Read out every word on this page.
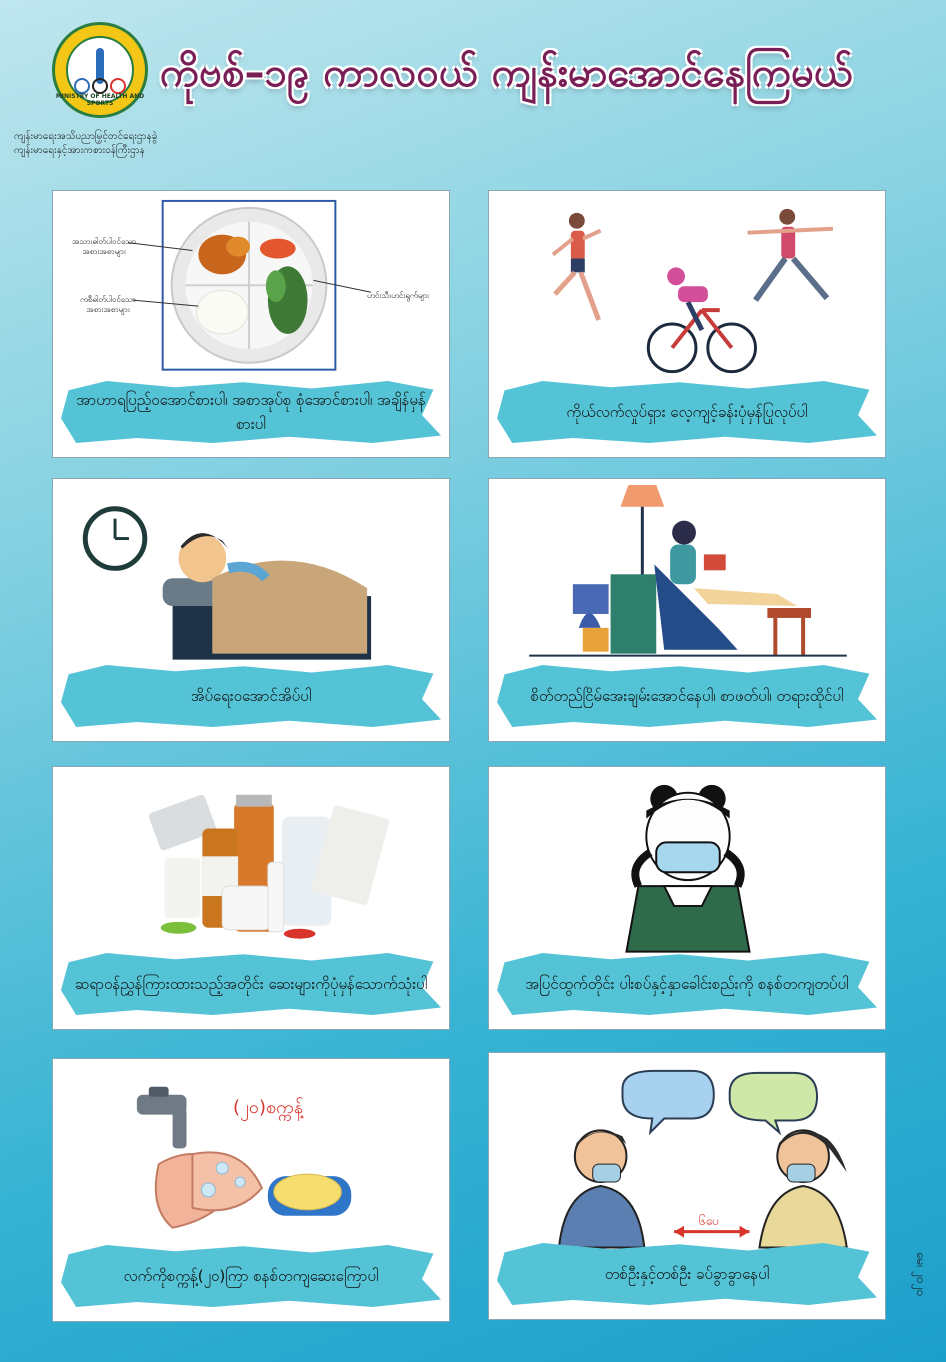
MINISTRY OF HEALTH AND SPORTS
ကိုဗစ်–၁၉ ကာလဝယ် ကျန်းမာအောင်နေကြမယ်
ကျန်းမာရေးအသိပညာမြှင့်တင်ရေးဌာနခွဲ
ကျန်းမာရေးနှင့်အားကစားဝန်ကြီးဌာန
အသားဓါတ်ပါဝင်သော အစားအစာများ
ကစီဓါတ်ပါဝင်သော အစားအစာများ
ဟင်းသီးဟင်းရွက်များ
အာဟာရပြည့်ဝအောင်စားပါ၊ အစာအုပ်စု စုံအောင်စားပါ၊ အချိန်မှန်စားပါ
ကိုယ်လက်လှုပ်ရှား လေ့ကျင့်ခန်းပုံမှန်ပြုလုပ်ပါ
အိပ်ရေးဝအောင်အိပ်ပါ	စိတ်တည်ငြိမ်အေးချမ်းအောင်နေပါ၊ စာဖတ်ပါ၊ တရားထိုင်ပါ
ဆရာဝန်ညွှန်ကြားထားသည့်အတိုင်း ဆေးများကိုပုံမှန်သောက်သုံးပါ	အပြင်ထွက်တိုင်း ပါးစပ်နှင့်နှာခေါင်းစည်းကို စနစ်တကျတပ်ပါ
(၂၀)စက္ကန့်
လက်ကိုစက္ကန့်(၂၀)ကြာ စနစ်တကျဆေးကြောပါ
၆ပေ
တစ်ဦးနှင့်တစ်ဦး ခပ်ခွာခွာနေပါ	မေ၊ ၂၀၂၀
